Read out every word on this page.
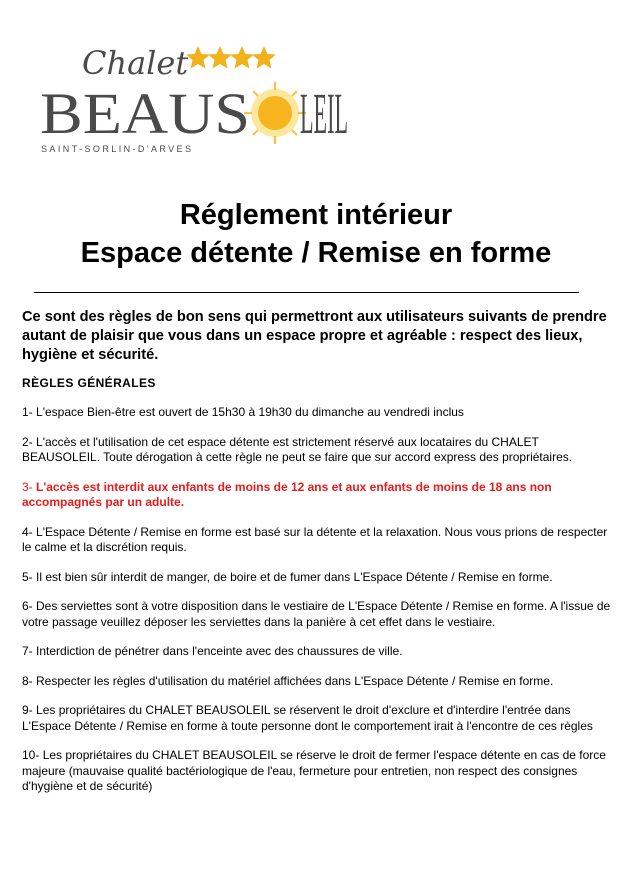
Chalet
BEAUS LEIL
SAINT-SORLIN-D'ARVES
Réglement intérieur
Espace détente / Remise en forme

Ce sont des règles de bon sens qui permettront aux utilisateurs suivants de prendre autant de plaisir que vous dans un espace propre et agréable : respect des lieux, hygiène et sécurité.

RÈGLES GÉNÉRALES

1- L'espace Bien-être est ouvert de 15h30 à 19h30 du dimanche au vendredi inclus

2- L'accès et l'utilisation de cet espace détente est strictement réservé aux locataires du CHALET BEAUSOLEIL. Toute dérogation à cette règle ne peut se faire que sur accord express des propriétaires.

3- L'accès est interdit aux enfants de moins de 12 ans et aux enfants de moins de 18 ans non accompagnés par un adulte.

4- L'Espace Détente / Remise en forme est basé sur la détente et la relaxation. Nous vous prions de respecter le calme et la discrétion requis.

5- Il est bien sûr interdit de manger, de boire et de fumer dans L'Espace Détente / Remise en forme.

6- Des serviettes sont à votre disposition dans le vestiaire de L'Espace Détente / Remise en forme. A l'issue de votre passage veuillez déposer les serviettes dans la panière à cet effet dans le vestiaire.

7- Interdiction de pénétrer dans l'enceinte avec des chaussures de ville.

8- Respecter les règles d'utilisation du matériel affichées dans L'Espace Détente / Remise en forme.

9- Les propriétaires du CHALET BEAUSOLEIL se réservent le droit d'exclure et d'interdire l'entrée dans L'Espace Détente / Remise en forme à toute personne dont le comportement irait à l'encontre de ces règles

10- Les propriétaires du CHALET BEAUSOLEIL se réserve le droit de fermer l'espace détente en cas de force majeure (mauvaise qualité bactériologique de l'eau, fermeture pour entretien, non respect des consignes d'hygiène et de sécurité)
